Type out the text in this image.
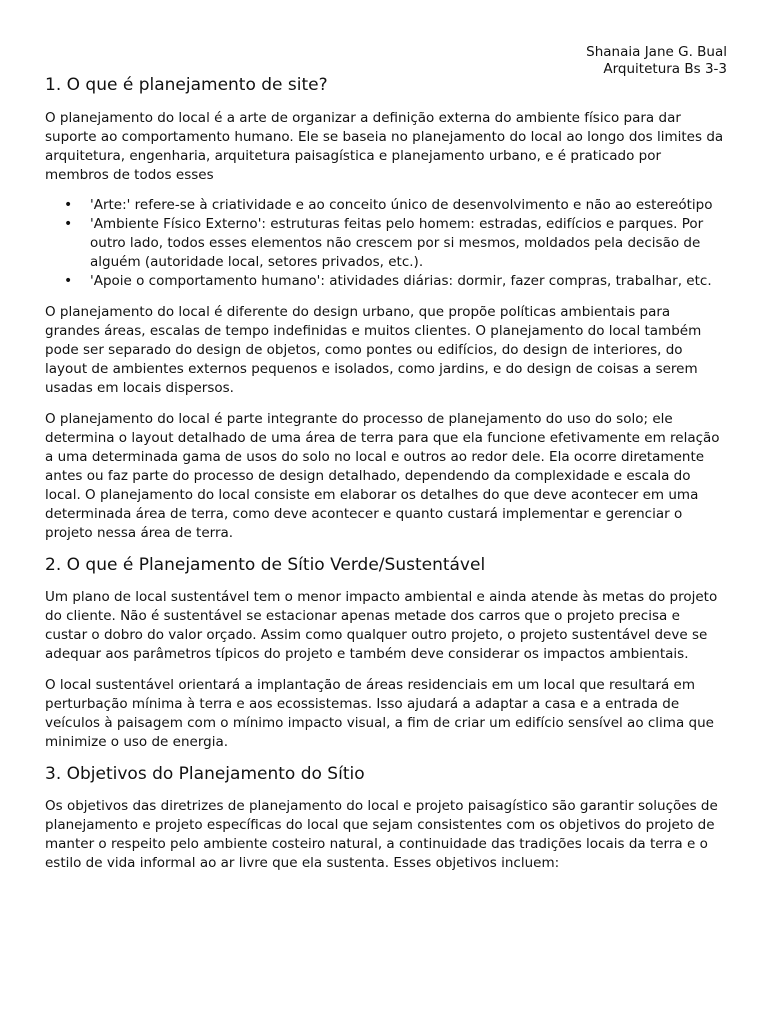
Shanaia Jane G. Bual
Arquitetura Bs 3-3
1. O que é planejamento de site?

O planejamento do local é a arte de organizar a definição externa do ambiente físico para dar suporte ao comportamento humano. Ele se baseia no planejamento do local ao longo dos limites da arquitetura, engenharia, arquitetura paisagística e planejamento urbano, e é praticado por membros de todos esses

• 'Arte:' refere-se à criatividade e ao conceito único de desenvolvimento e não ao estereótipo
• 'Ambiente Físico Externo': estruturas feitas pelo homem: estradas, edifícios e parques. Por outro lado, todos esses elementos não crescem por si mesmos, moldados pela decisão de alguém (autoridade local, setores privados, etc.).
• 'Apoie o comportamento humano': atividades diárias: dormir, fazer compras, trabalhar, etc.

O planejamento do local é diferente do design urbano, que propõe políticas ambientais para grandes áreas, escalas de tempo indefinidas e muitos clientes. O planejamento do local também pode ser separado do design de objetos, como pontes ou edifícios, do design de interiores, do layout de ambientes externos pequenos e isolados, como jardins, e do design de coisas a serem usadas em locais dispersos.

O planejamento do local é parte integrante do processo de planejamento do uso do solo; ele determina o layout detalhado de uma área de terra para que ela funcione efetivamente em relação a uma determinada gama de usos do solo no local e outros ao redor dele. Ela ocorre diretamente antes ou faz parte do processo de design detalhado, dependendo da complexidade e escala do local. O planejamento do local consiste em elaborar os detalhes do que deve acontecer em uma determinada área de terra, como deve acontecer e quanto custará implementar e gerenciar o projeto nessa área de terra.

2. O que é Planejamento de Sítio Verde/Sustentável

Um plano de local sustentável tem o menor impacto ambiental e ainda atende às metas do projeto do cliente. Não é sustentável se estacionar apenas metade dos carros que o projeto precisa e custar o dobro do valor orçado. Assim como qualquer outro projeto, o projeto sustentável deve se adequar aos parâmetros típicos do projeto e também deve considerar os impactos ambientais.

O local sustentável orientará a implantação de áreas residenciais em um local que resultará em perturbação mínima à terra e aos ecossistemas. Isso ajudará a adaptar a casa e a entrada de veículos à paisagem com o mínimo impacto visual, a fim de criar um edifício sensível ao clima que minimize o uso de energia.

3. Objetivos do Planejamento do Sítio

Os objetivos das diretrizes de planejamento do local e projeto paisagístico são garantir soluções de planejamento e projeto específicas do local que sejam consistentes com os objetivos do projeto de manter o respeito pelo ambiente costeiro natural, a continuidade das tradições locais da terra e o estilo de vida informal ao ar livre que ela sustenta. Esses objetivos incluem:
